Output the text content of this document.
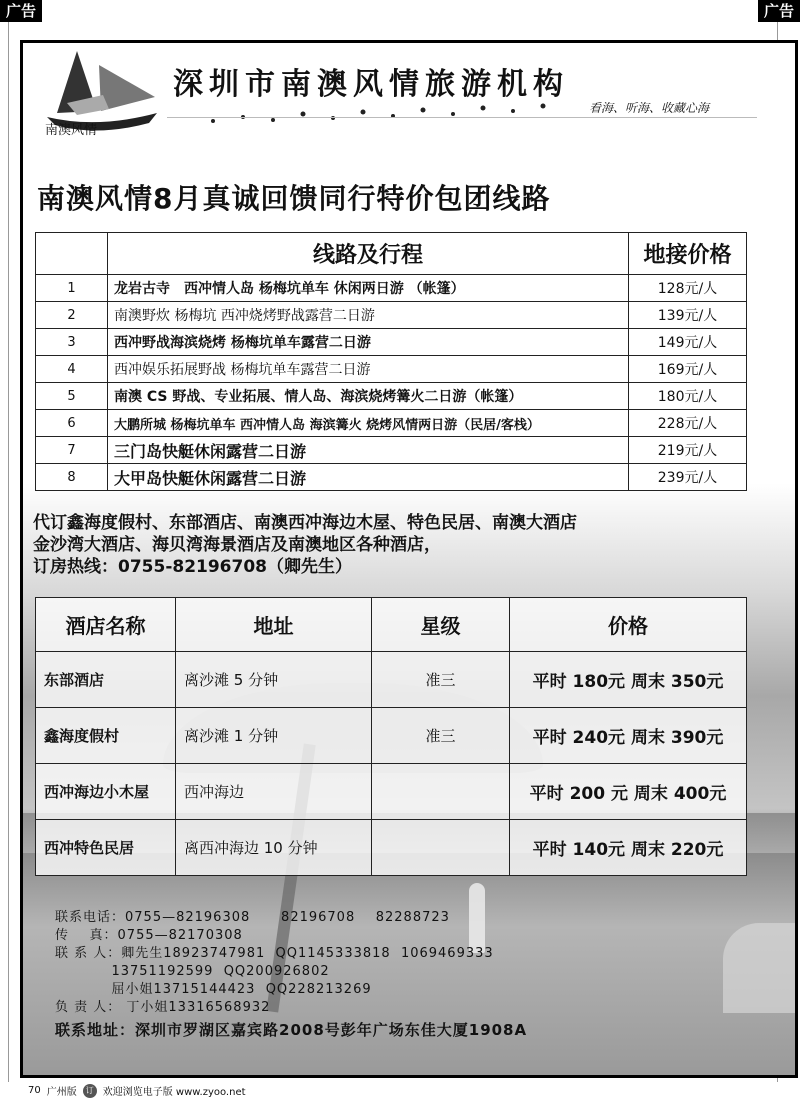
广告	广告
南澳风情
深圳市南澳风情旅游机构
看海、听海、收藏心海
南澳风情8月真诚回馈同行特价包团线路
	线路及行程	地接价格
1	龙岩古寺　西冲情人岛 杨梅坑单车 休闲两日游 （帐篷）	128元/人
2	南澳野炊 杨梅坑 西冲烧烤野战露营二日游	139元/人
3	西冲野战海滨烧烤 杨梅坑单车露营二日游	149元/人
4	西冲娱乐拓展野战 杨梅坑单车露营二日游	169元/人
5	南澳 CS 野战、专业拓展、情人岛、海滨烧烤篝火二日游（帐篷）	180元/人
6	大鹏所城 杨梅坑单车 西冲情人岛 海滨篝火 烧烤风情两日游（民居/客栈）	228元/人
7	三门岛快艇休闲露营二日游	219元/人
8	大甲岛快艇休闲露营二日游	239元/人
代订鑫海度假村、东部酒店、南澳西冲海边木屋、特色民居、南澳大酒店
金沙湾大酒店、海贝湾海景酒店及南澳地区各种酒店，
订房热线：0755-82196708（卿先生）
酒店名称	地址	星级	价格
东部酒店	离沙滩 5 分钟	准三	平时 180元 周末 350元
鑫海度假村	离沙滩 1 分钟	准三	平时 240元 周末 390元
西冲海边小木屋	西冲海边		平时 200 元 周末 400元
西冲特色民居	离西冲海边 10 分钟		平时 140元 周末 220元
联系电话：0755—82196308      82196708    82288723
传    真：0755—82170308
联 系 人：卿先生18923747981  QQ1145333818  1069469333
13751192599  QQ200926802
屈小姐13715144423  QQ228213269
负 责 人： 丁小姐13316568932
联系地址：深圳市罗湖区嘉宾路2008号彭年广场东佳大厦1908A
70 广州版	订 欢迎浏览电子版 www.zyoo.net
